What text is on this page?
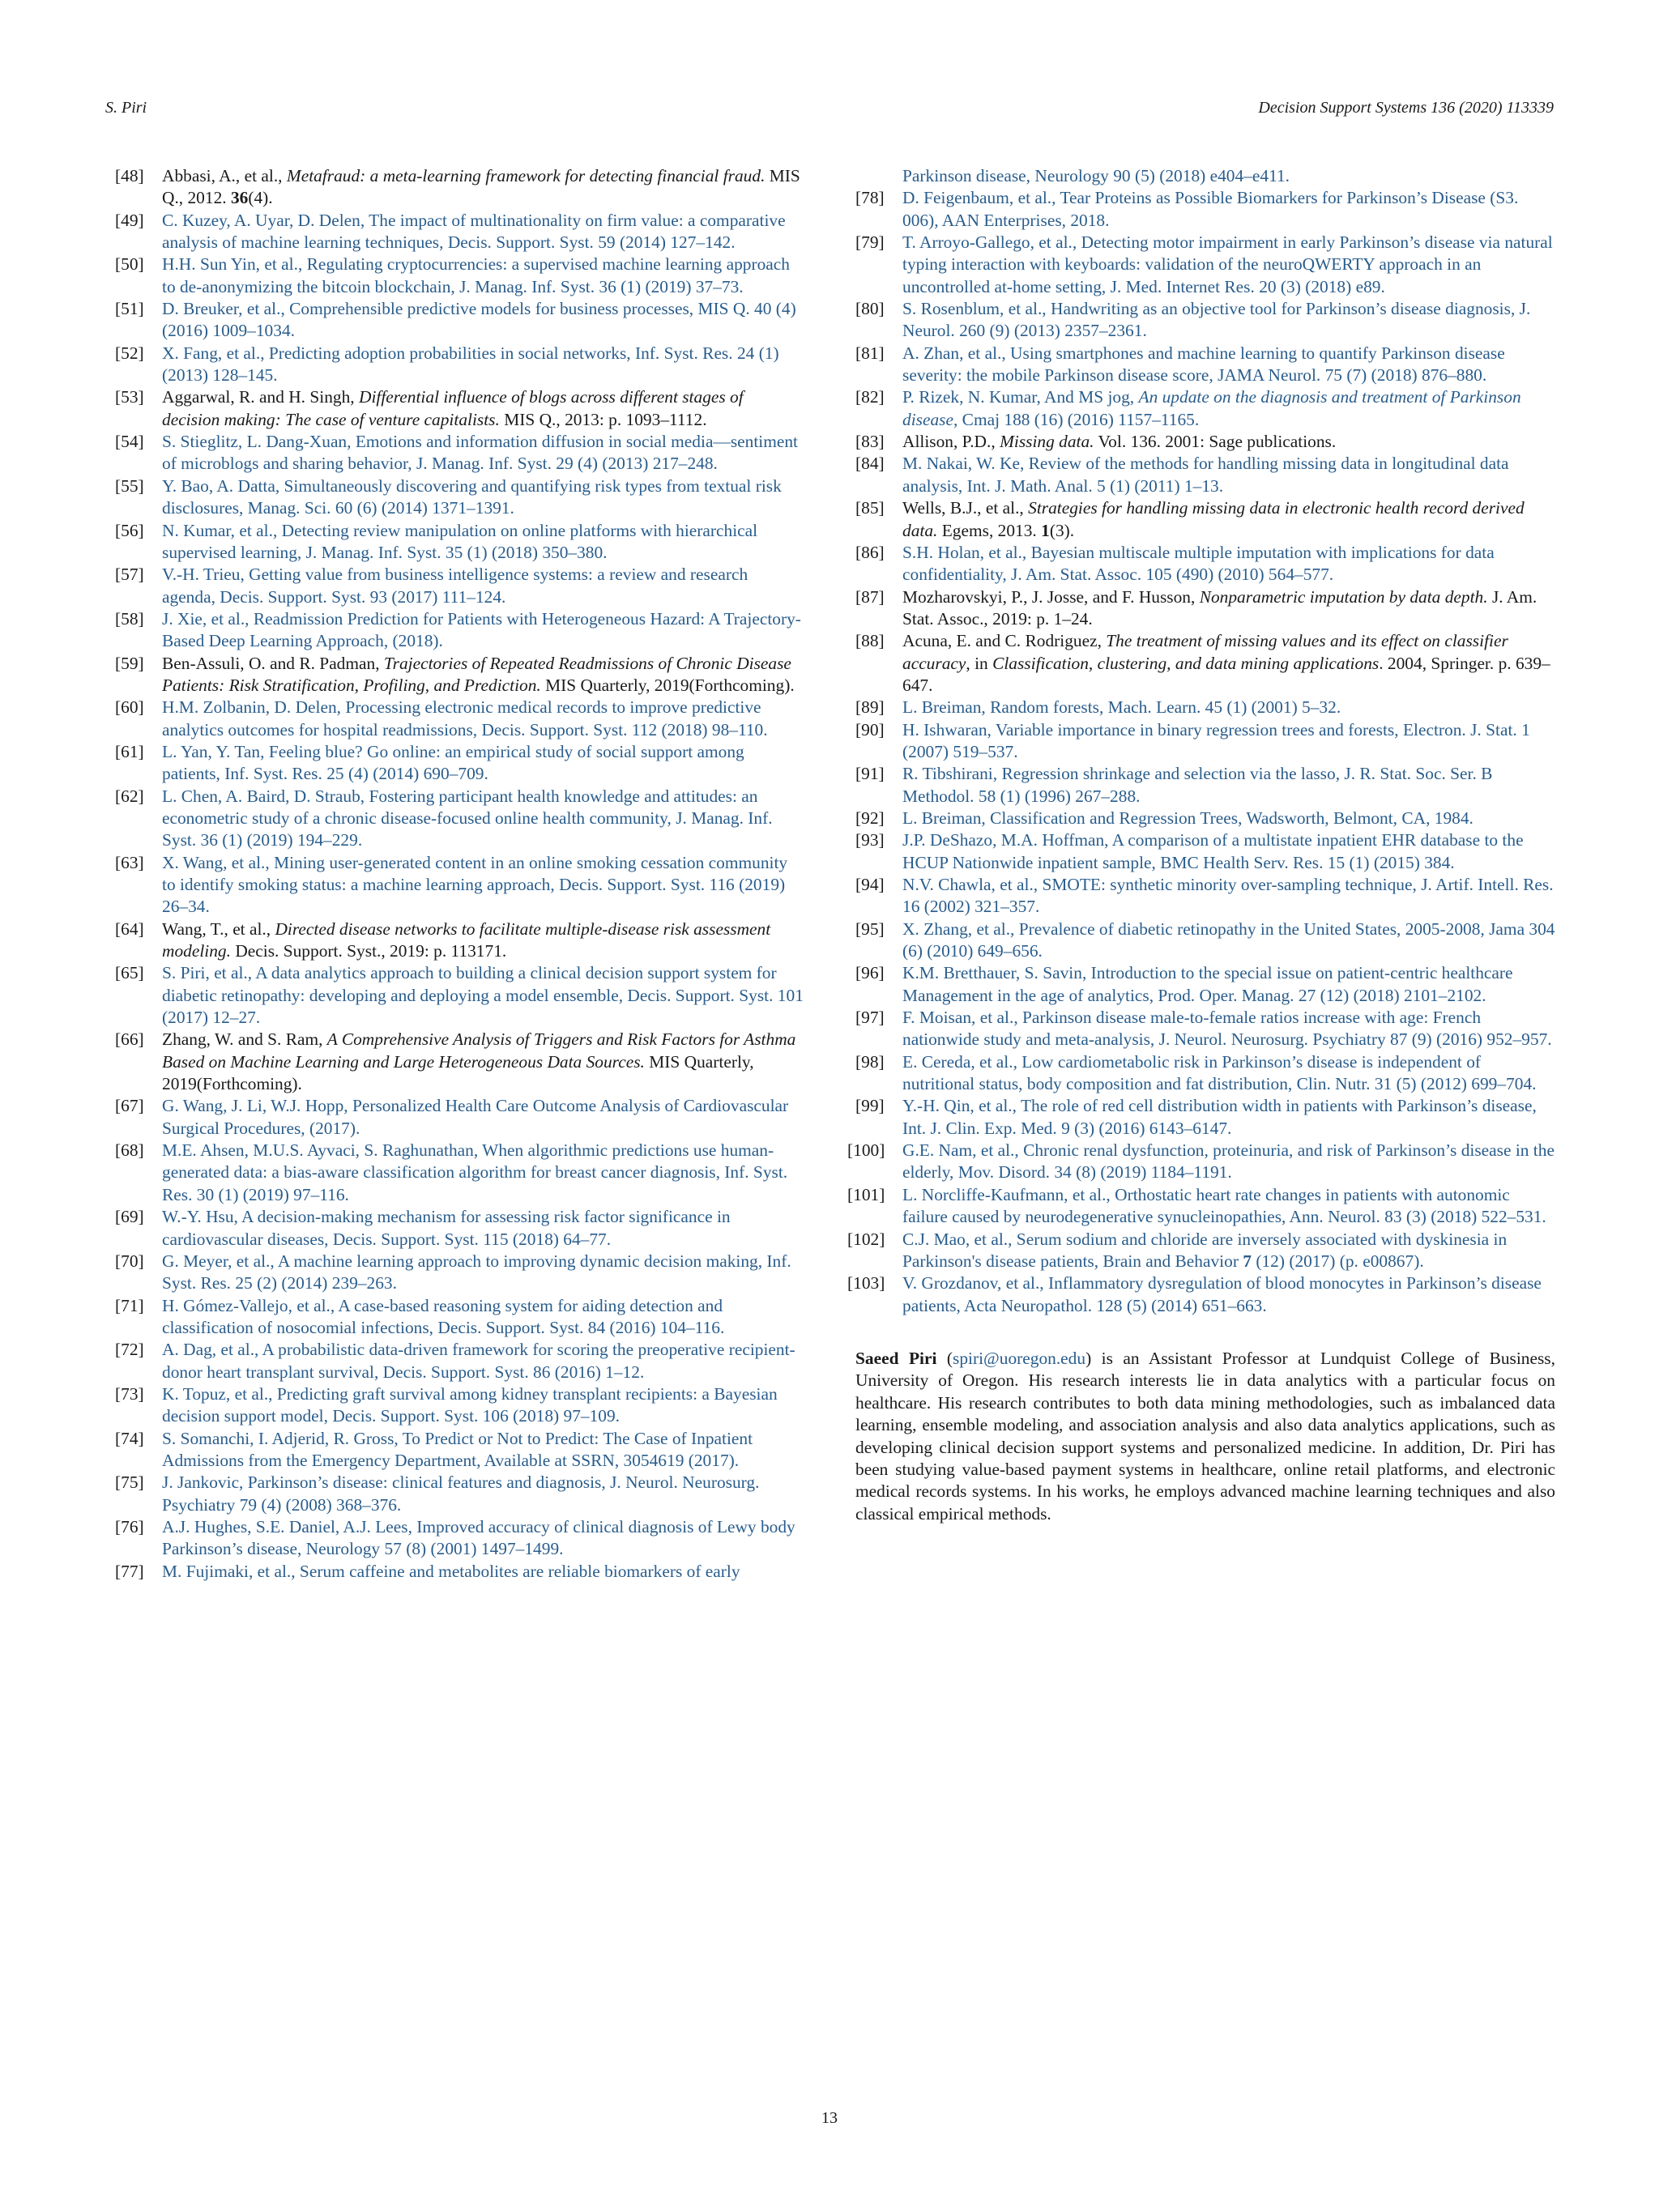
S. Piri	Decision Support Systems 136 (2020) 113339
[48] Abbasi, A., et al., Metafraud: a meta-learning framework for detecting financial fraud. MIS Q., 2012. 36(4).
[49] C. Kuzey, A. Uyar, D. Delen, The impact of multinationality on firm value: a comparative analysis of machine learning techniques, Decis. Support. Syst. 59 (2014) 127–142.
[50] H.H. Sun Yin, et al., Regulating cryptocurrencies: a supervised machine learning approach to de-anonymizing the bitcoin blockchain, J. Manag. Inf. Syst. 36 (1) (2019) 37–73.
[51] D. Breuker, et al., Comprehensible predictive models for business processes, MIS Q. 40 (4) (2016) 1009–1034.
[52] X. Fang, et al., Predicting adoption probabilities in social networks, Inf. Syst. Res. 24 (1) (2013) 128–145.
[53] Aggarwal, R. and H. Singh, Differential influence of blogs across different stages of decision making: The case of venture capitalists. MIS Q., 2013: p. 1093–1112.
[54] S. Stieglitz, L. Dang-Xuan, Emotions and information diffusion in social media—sentiment of microblogs and sharing behavior, J. Manag. Inf. Syst. 29 (4) (2013) 217–248.
[55] Y. Bao, A. Datta, Simultaneously discovering and quantifying risk types from textual risk disclosures, Manag. Sci. 60 (6) (2014) 1371–1391.
[56] N. Kumar, et al., Detecting review manipulation on online platforms with hierarchical supervised learning, J. Manag. Inf. Syst. 35 (1) (2018) 350–380.
[57] V.-H. Trieu, Getting value from business intelligence systems: a review and research agenda, Decis. Support. Syst. 93 (2017) 111–124.
[58] J. Xie, et al., Readmission Prediction for Patients with Heterogeneous Hazard: A Trajectory-Based Deep Learning Approach, (2018).
[59] Ben-Assuli, O. and R. Padman, Trajectories of Repeated Readmissions of Chronic Disease Patients: Risk Stratification, Profiling, and Prediction. MIS Quarterly, 2019(Forthcoming).
[60] H.M. Zolbanin, D. Delen, Processing electronic medical records to improve predictive analytics outcomes for hospital readmissions, Decis. Support. Syst. 112 (2018) 98–110.
[61] L. Yan, Y. Tan, Feeling blue? Go online: an empirical study of social support among patients, Inf. Syst. Res. 25 (4) (2014) 690–709.
[62] L. Chen, A. Baird, D. Straub, Fostering participant health knowledge and attitudes: an econometric study of a chronic disease-focused online health community, J. Manag. Inf. Syst. 36 (1) (2019) 194–229.
[63] X. Wang, et al., Mining user-generated content in an online smoking cessation community to identify smoking status: a machine learning approach, Decis. Support. Syst. 116 (2019) 26–34.
[64] Wang, T., et al., Directed disease networks to facilitate multiple-disease risk assessment modeling. Decis. Support. Syst., 2019: p. 113171.
[65] S. Piri, et al., A data analytics approach to building a clinical decision support system for diabetic retinopathy: developing and deploying a model ensemble, Decis. Support. Syst. 101 (2017) 12–27.
[66] Zhang, W. and S. Ram, A Comprehensive Analysis of Triggers and Risk Factors for Asthma Based on Machine Learning and Large Heterogeneous Data Sources. MIS Quarterly, 2019(Forthcoming).
[67] G. Wang, J. Li, W.J. Hopp, Personalized Health Care Outcome Analysis of Cardiovascular Surgical Procedures, (2017).
[68] M.E. Ahsen, M.U.S. Ayvaci, S. Raghunathan, When algorithmic predictions use human-generated data: a bias-aware classification algorithm for breast cancer diagnosis, Inf. Syst. Res. 30 (1) (2019) 97–116.
[69] W.-Y. Hsu, A decision-making mechanism for assessing risk factor significance in cardiovascular diseases, Decis. Support. Syst. 115 (2018) 64–77.
[70] G. Meyer, et al., A machine learning approach to improving dynamic decision making, Inf. Syst. Res. 25 (2) (2014) 239–263.
[71] H. Gómez-Vallejo, et al., A case-based reasoning system for aiding detection and classification of nosocomial infections, Decis. Support. Syst. 84 (2016) 104–116.
[72] A. Dag, et al., A probabilistic data-driven framework for scoring the preoperative recipient-donor heart transplant survival, Decis. Support. Syst. 86 (2016) 1–12.
[73] K. Topuz, et al., Predicting graft survival among kidney transplant recipients: a Bayesian decision support model, Decis. Support. Syst. 106 (2018) 97–109.
[74] S. Somanchi, I. Adjerid, R. Gross, To Predict or Not to Predict: The Case of Inpatient Admissions from the Emergency Department, Available at SSRN, 3054619 (2017).
[75] J. Jankovic, Parkinson’s disease: clinical features and diagnosis, J. Neurol. Neurosurg. Psychiatry 79 (4) (2008) 368–376.
[76] A.J. Hughes, S.E. Daniel, A.J. Lees, Improved accuracy of clinical diagnosis of Lewy body Parkinson’s disease, Neurology 57 (8) (2001) 1497–1499.
[77] M. Fujimaki, et al., Serum caffeine and metabolites are reliable biomarkers of early
Parkinson disease, Neurology 90 (5) (2018) e404–e411.
[78] D. Feigenbaum, et al., Tear Proteins as Possible Biomarkers for Parkinson’s Disease (S3. 006), AAN Enterprises, 2018.
[79] T. Arroyo-Gallego, et al., Detecting motor impairment in early Parkinson’s disease via natural typing interaction with keyboards: validation of the neuroQWERTY approach in an uncontrolled at-home setting, J. Med. Internet Res. 20 (3) (2018) e89.
[80] S. Rosenblum, et al., Handwriting as an objective tool for Parkinson’s disease diagnosis, J. Neurol. 260 (9) (2013) 2357–2361.
[81] A. Zhan, et al., Using smartphones and machine learning to quantify Parkinson disease severity: the mobile Parkinson disease score, JAMA Neurol. 75 (7) (2018) 876–880.
[82] P. Rizek, N. Kumar, And MS jog, An update on the diagnosis and treatment of Parkinson disease, Cmaj 188 (16) (2016) 1157–1165.
[83] Allison, P.D., Missing data. Vol. 136. 2001: Sage publications.
[84] M. Nakai, W. Ke, Review of the methods for handling missing data in longitudinal data analysis, Int. J. Math. Anal. 5 (1) (2011) 1–13.
[85] Wells, B.J., et al., Strategies for handling missing data in electronic health record derived data. Egems, 2013. 1(3).
[86] S.H. Holan, et al., Bayesian multiscale multiple imputation with implications for data confidentiality, J. Am. Stat. Assoc. 105 (490) (2010) 564–577.
[87] Mozharovskyi, P., J. Josse, and F. Husson, Nonparametric imputation by data depth. J. Am. Stat. Assoc., 2019: p. 1–24.
[88] Acuna, E. and C. Rodriguez, The treatment of missing values and its effect on classifier accuracy, in Classification, clustering, and data mining applications. 2004, Springer. p. 639–647.
[89] L. Breiman, Random forests, Mach. Learn. 45 (1) (2001) 5–32.
[90] H. Ishwaran, Variable importance in binary regression trees and forests, Electron. J. Stat. 1 (2007) 519–537.
[91] R. Tibshirani, Regression shrinkage and selection via the lasso, J. R. Stat. Soc. Ser. B Methodol. 58 (1) (1996) 267–288.
[92] L. Breiman, Classification and Regression Trees, Wadsworth, Belmont, CA, 1984.
[93] J.P. DeShazo, M.A. Hoffman, A comparison of a multistate inpatient EHR database to the HCUP Nationwide inpatient sample, BMC Health Serv. Res. 15 (1) (2015) 384.
[94] N.V. Chawla, et al., SMOTE: synthetic minority over-sampling technique, J. Artif. Intell. Res. 16 (2002) 321–357.
[95] X. Zhang, et al., Prevalence of diabetic retinopathy in the United States, 2005-2008, Jama 304 (6) (2010) 649–656.
[96] K.M. Bretthauer, S. Savin, Introduction to the special issue on patient-centric healthcare Management in the age of analytics, Prod. Oper. Manag. 27 (12) (2018) 2101–2102.
[97] F. Moisan, et al., Parkinson disease male-to-female ratios increase with age: French nationwide study and meta-analysis, J. Neurol. Neurosurg. Psychiatry 87 (9) (2016) 952–957.
[98] E. Cereda, et al., Low cardiometabolic risk in Parkinson’s disease is independent of nutritional status, body composition and fat distribution, Clin. Nutr. 31 (5) (2012) 699–704.
[99] Y.-H. Qin, et al., The role of red cell distribution width in patients with Parkinson’s disease, Int. J. Clin. Exp. Med. 9 (3) (2016) 6143–6147.
[100] G.E. Nam, et al., Chronic renal dysfunction, proteinuria, and risk of Parkinson’s disease in the elderly, Mov. Disord. 34 (8) (2019) 1184–1191.
[101] L. Norcliffe-Kaufmann, et al., Orthostatic heart rate changes in patients with autonomic failure caused by neurodegenerative synucleinopathies, Ann. Neurol. 83 (3) (2018) 522–531.
[102] C.J. Mao, et al., Serum sodium and chloride are inversely associated with dyskinesia in Parkinson's disease patients, Brain and Behavior 7 (12) (2017) (p. e00867).
[103] V. Grozdanov, et al., Inflammatory dysregulation of blood monocytes in Parkinson’s disease patients, Acta Neuropathol. 128 (5) (2014) 651–663.
Saeed Piri (spiri@uoregon.edu) is an Assistant Professor at Lundquist College of Business, University of Oregon. His research interests lie in data analytics with a particular focus on healthcare. His research contributes to both data mining methodologies, such as imbalanced data learning, ensemble modeling, and association analysis and also data analytics applications, such as developing clinical decision support systems and personalized medicine. In addition, Dr. Piri has been studying value-based payment systems in healthcare, online retail platforms, and electronic medical records systems. In his works, he employs advanced machine learning techniques and also classical empirical methods.
13
